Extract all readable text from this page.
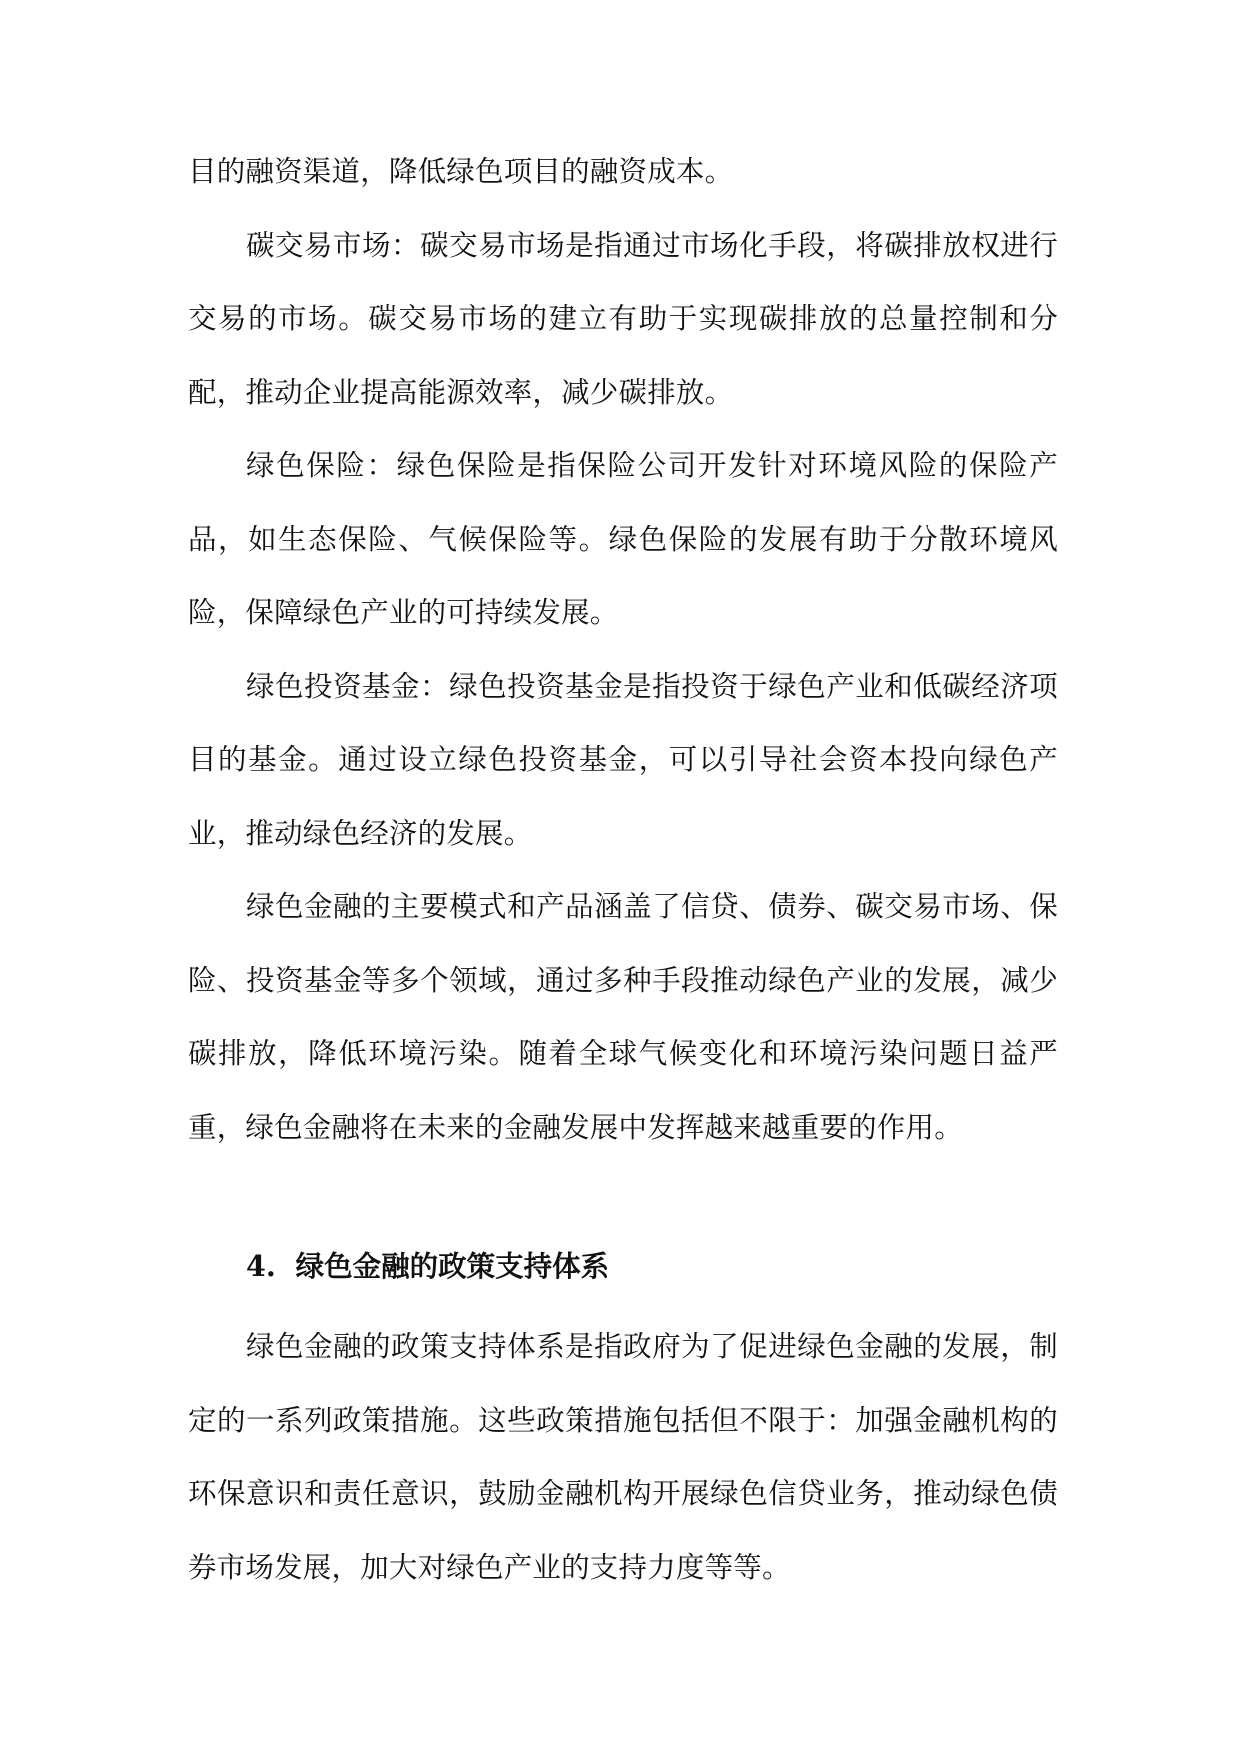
目的融资渠道，降低绿色项目的融资成本。

碳交易市场：碳交易市场是指通过市场化手段，将碳排放权进行交易的市场。碳交易市场的建立有助于实现碳排放的总量控制和分配，推动企业提高能源效率，减少碳排放。

绿色保险：绿色保险是指保险公司开发针对环境风险的保险产品，如生态保险、气候保险等。绿色保险的发展有助于分散环境风险，保障绿色产业的可持续发展。

绿色投资基金：绿色投资基金是指投资于绿色产业和低碳经济项目的基金。通过设立绿色投资基金，可以引导社会资本投向绿色产业，推动绿色经济的发展。

绿色金融的主要模式和产品涵盖了信贷、债券、碳交易市场、保险、投资基金等多个领域，通过多种手段推动绿色产业的发展，减少碳排放，降低环境污染。随着全球气候变化和环境污染问题日益严重，绿色金融将在未来的金融发展中发挥越来越重要的作用。

4. 绿色金融的政策支持体系

绿色金融的政策支持体系是指政府为了促进绿色金融的发展，制定的一系列政策措施。这些政策措施包括但不限于：加强金融机构的环保意识和责任意识，鼓励金融机构开展绿色信贷业务，推动绿色债券市场发展，加大对绿色产业的支持力度等等。
